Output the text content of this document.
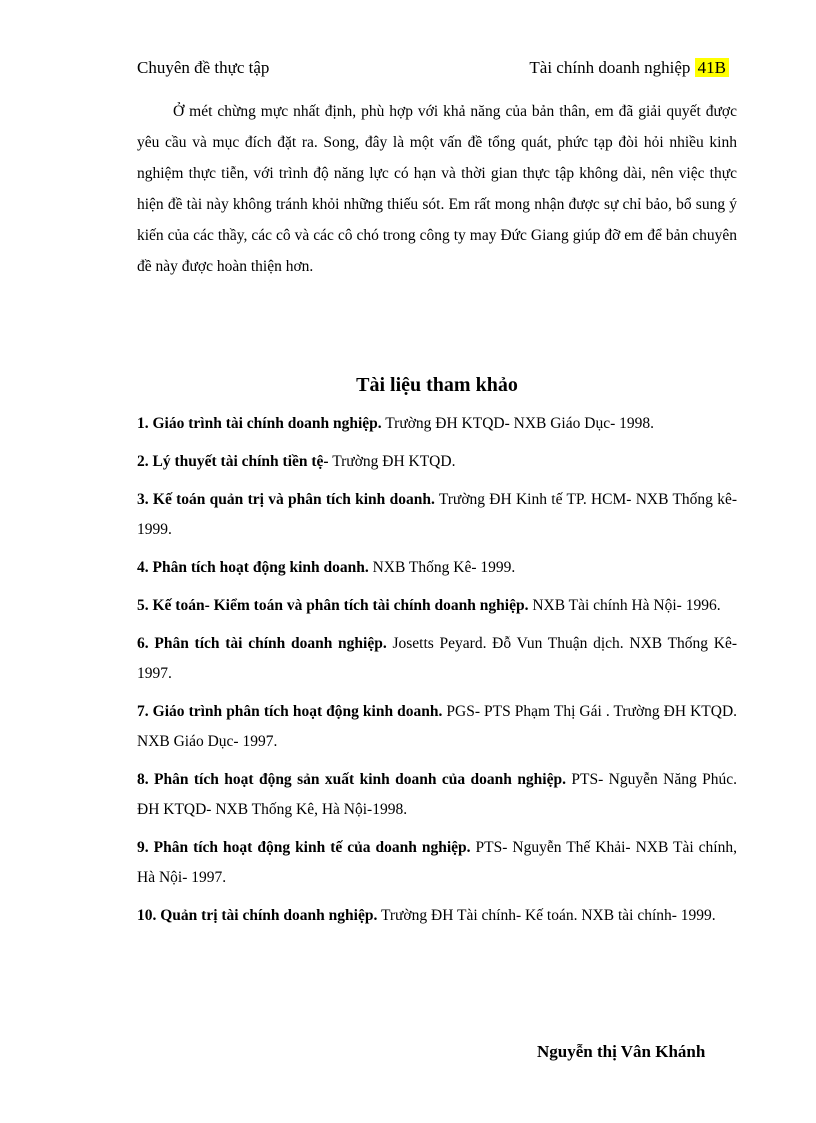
Chuyên đề thực tập	Tài chính doanh nghiệp 41B

Ở mét chừng mực nhất định, phù hợp với khả năng của bản thân, em đã giải quyết được yêu cầu và mục đích đặt ra. Song, đây là một vấn đề tổng quát, phức tạp đòi hỏi nhiều kinh nghiệm thực tiễn, với trình độ năng lực có hạn và thời gian thực tập không dài, nên việc thực hiện đề tài này không tránh khỏi những thiếu sót. Em rất mong nhận được sự chỉ bảo, bổ sung ý kiến của các thầy, các cô và các cô chó trong công ty may Đức Giang giúp đỡ em để bản chuyên đề này được hoàn thiện hơn.

Tài liệu tham khảo
1. Giáo trình tài chính doanh nghiệp. Trường ĐH KTQD- NXB Giáo Dục- 1998.
2. Lý thuyết tài chính tiền tệ- Trường ĐH KTQD.
3. Kế toán quản trị và phân tích kinh doanh. Trường ĐH Kinh tế TP. HCM- NXB Thống kê- 1999.
4. Phân tích hoạt động kinh doanh. NXB Thống Kê- 1999.
5. Kế toán- Kiểm toán và phân tích tài chính doanh nghiệp. NXB Tài chính Hà Nội- 1996.
6. Phân tích tài chính doanh nghiệp. Josetts Peyard. Đỗ Vun Thuận dịch. NXB Thống Kê- 1997.
7. Giáo trình phân tích hoạt động kinh doanh. PGS- PTS Phạm Thị Gái . Trường ĐH KTQD. NXB Giáo Dục- 1997.
8. Phân tích hoạt động sản xuất kinh doanh của doanh nghiệp. PTS- Nguyễn Năng Phúc. ĐH KTQD- NXB Thống Kê, Hà Nội-1998.
9. Phân tích hoạt động kinh tế của doanh nghiệp. PTS- Nguyễn Thế Khải- NXB Tài chính, Hà Nội- 1997.
10. Quản trị tài chính doanh nghiệp. Trường ĐH Tài chính- Kế toán. NXB tài chính- 1999.
Nguyễn thị Vân Khánh
